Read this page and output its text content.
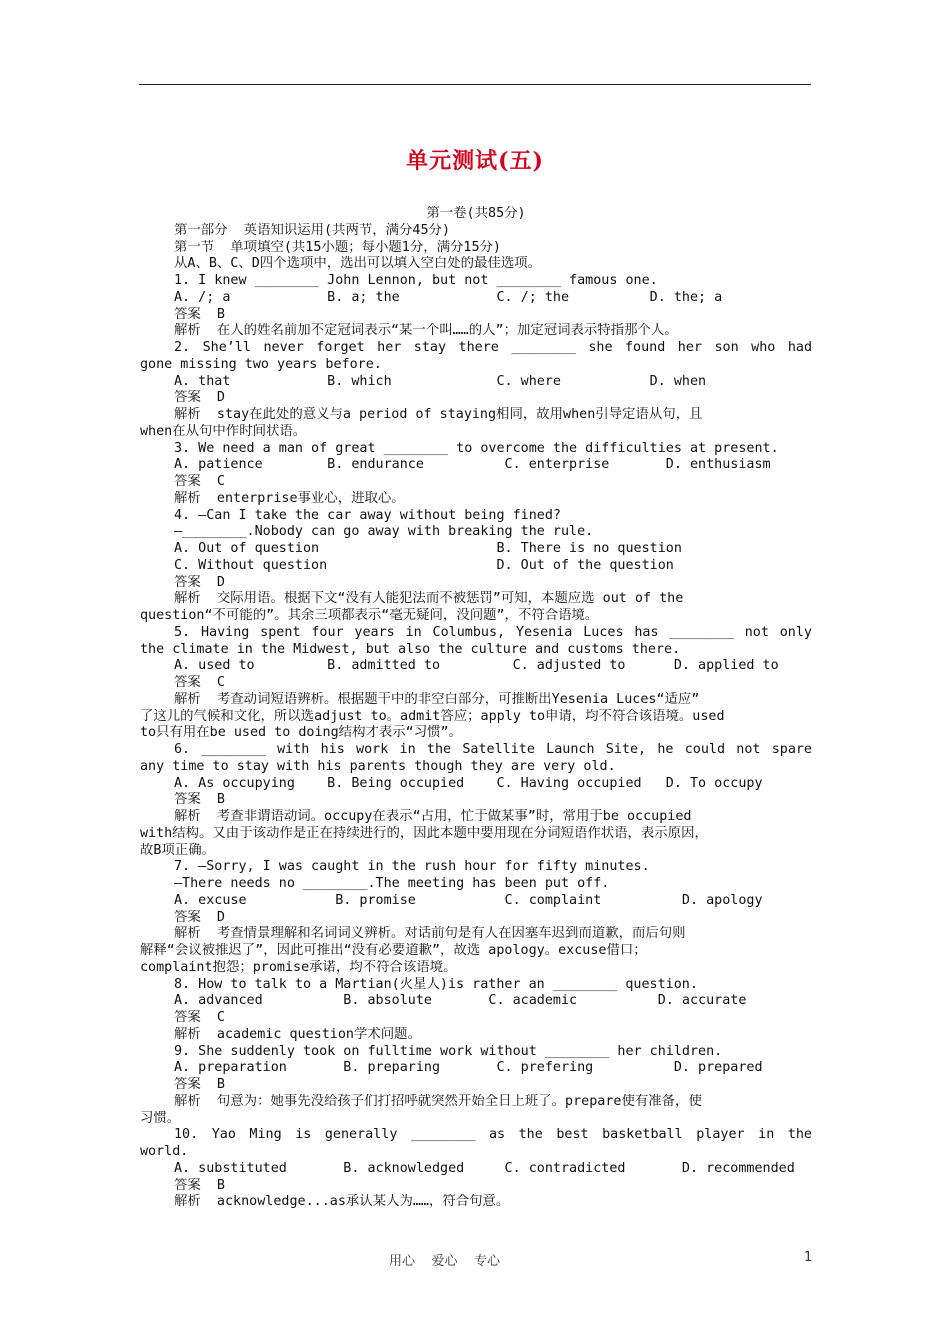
单元测试(五)
第一卷(共85分)
第一部分  英语知识运用(共两节，满分45分)
第一节  单项填空(共15小题；每小题1分，满分15分)
从A、B、C、D四个选项中，选出可以填入空白处的最佳选项。
1. I knew ________ John Lennon, but not ________ famous one.
A. /; a            B. a; the            C. /; the          D. the; a
答案  B
解析  在人的姓名前加不定冠词表示“某一个叫……的人”；加定冠词表示特指那个人。
2. She’ll never forget her stay there ________ she found her son who had
gone missing two years before.
A. that            B. which             C. where           D. when
答案  D
解析  stay在此处的意义与a period of staying相同，故用when引导定语从句，且
when在从句中作时间状语。
3. We need a man of great ________ to overcome the difficulties at present.
A. patience        B. endurance          C. enterprise       D. enthusiasm
答案  C
解析  enterprise事业心，进取心。
4. —Can I take the car away without being fined?
—________.Nobody can go away with breaking the rule.
A. Out of question                      B. There is no question
C. Without question                     D. Out of the question
答案  D
解析  交际用语。根据下文“没有人能犯法而不被惩罚”可知，本题应选 out of the
question“不可能的”。其余三项都表示“毫无疑问，没问题”，不符合语境。
5. Having spent four years in Columbus, Yesenia Luces has ________ not only
the climate in the Midwest, but also the culture and customs there.
A. used to         B. admitted to         C. adjusted to      D. applied to
答案  C
解析  考查动词短语辨析。根据题干中的非空白部分，可推断出Yesenia Luces“适应”
了这儿的气候和文化，所以选adjust to。admit答应；apply to申请，均不符合该语境。used
to只有用在be used to doing结构才表示“习惯”。
6. ________ with his work in the Satellite Launch Site, he could not spare
any time to stay with his parents though they are very old.
A. As occupying    B. Being occupied    C. Having occupied   D. To occupy
答案  B
解析  考查非谓语动词。occupy在表示“占用，忙于做某事”时，常用于be occupied
with结构。又由于该动作是正在持续进行的，因此本题中要用现在分词短语作状语，表示原因，
故B项正确。
7. —Sorry, I was caught in the rush hour for fifty minutes.
—There needs no ________.The meeting has been put off.
A. excuse           B. promise           C. complaint          D. apology
答案  D
解析  考查情景理解和名词词义辨析。对话前句是有人在因塞车迟到而道歉，而后句则
解释“会议被推迟了”，因此可推出“没有必要道歉”，故选 apology。excuse借口；
complaint抱怨；promise承诺，均不符合该语境。
8. How to talk to a Martian(火星人)is rather an ________ question.
A. advanced          B. absolute       C. academic          D. accurate
答案  C
解析  academic question学术问题。
9. She suddenly took on fulltime work without ________ her children.
A. preparation       B. preparing       C. prefering          D. prepared
答案  B
解析  句意为：她事先没给孩子们打招呼就突然开始全日上班了。prepare使有准备，使
习惯。
10. Yao Ming is generally ________ as the best basketball player in the
world.
A. substituted       B. acknowledged     C. contradicted       D. recommended
答案  B
解析  acknowledge...as承认某人为……，符合句意。
用心    爱心    专心	1
